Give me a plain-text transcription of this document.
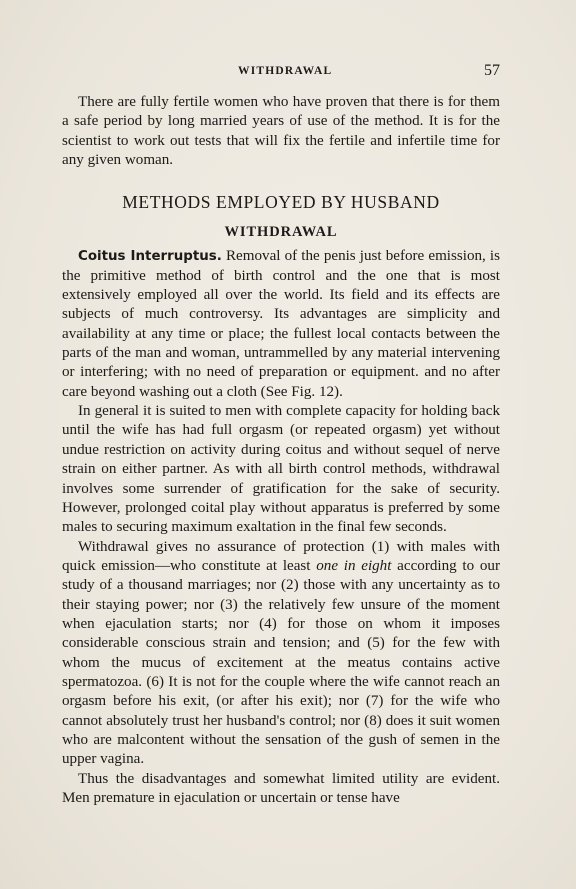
WITHDRAWAL	57

There are fully fertile women who have proven that there is for them a safe period by long married years of use of the method. It is for the scientist to work out tests that will fix the fertile and infertile time for any given woman.

METHODS EMPLOYED BY HUSBAND
WITHDRAWAL

Coitus Interruptus. Removal of the penis just before emission, is the primitive method of birth control and the one that is most extensively employed all over the world. Its field and its effects are subjects of much controversy. Its advantages are simplicity and availability at any time or place; the fullest local contacts between the parts of the man and woman, untrammelled by any material intervening or interfering; with no need of preparation or equipment. and no after care beyond washing out a cloth (See Fig. 12).

In general it is suited to men with complete capacity for holding back until the wife has had full orgasm (or repeated orgasm) yet without undue restriction on activity during coitus and without sequel of nerve strain on either partner. As with all birth control methods, withdrawal involves some surrender of gratification for the sake of security. However, prolonged coital play without apparatus is preferred by some males to securing maximum exaltation in the final few seconds.

Withdrawal gives no assurance of protection (1) with males with quick emission—who constitute at least one in eight according to our study of a thousand marriages; nor (2) those with any uncertainty as to their staying power; nor (3) the relatively few unsure of the moment when ejaculation starts; nor (4) for those on whom it imposes considerable conscious strain and tension; and (5) for the few with whom the mucus of excitement at the meatus contains active spermatozoa. (6) It is not for the couple where the wife cannot reach an orgasm before his exit, (or after his exit); nor (7) for the wife who cannot absolutely trust her husband's control; nor (8) does it suit women who are malcontent without the sensation of the gush of semen in the upper vagina.

Thus the disadvantages and somewhat limited utility are evident. Men premature in ejaculation or uncertain or tense have
